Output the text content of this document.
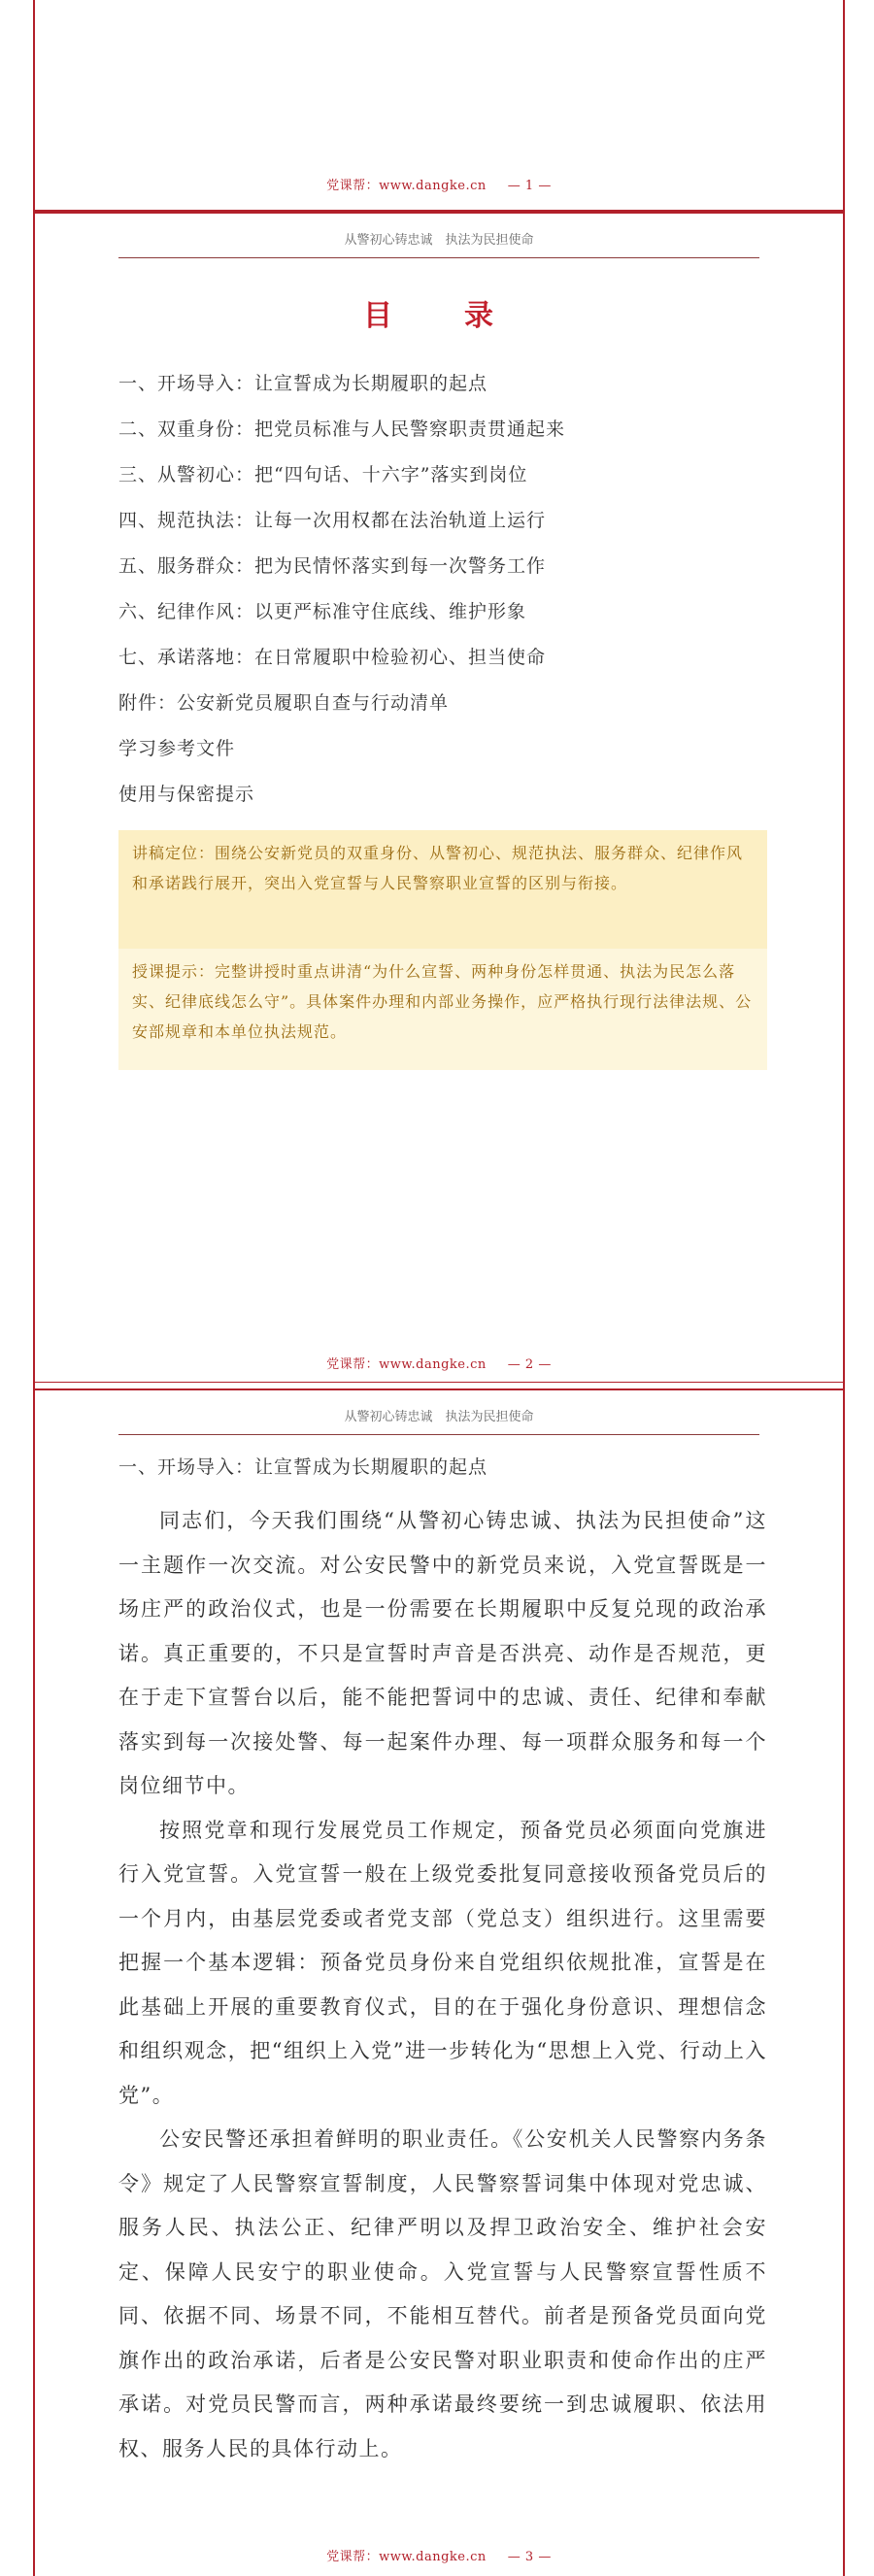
党课帮：www.dangke.cn — 1 —
从警初心铸忠诚　执法为民担使命
目　录
一、开场导入：让宣誓成为长期履职的起点
二、双重身份：把党员标准与人民警察职责贯通起来
三、从警初心：把“四句话、十六字”落实到岗位
四、规范执法：让每一次用权都在法治轨道上运行
五、服务群众：把为民情怀落实到每一次警务工作
六、纪律作风：以更严标准守住底线、维护形象
七、承诺落地：在日常履职中检验初心、担当使命
附件：公安新党员履职自查与行动清单
学习参考文件
使用与保密提示
讲稿定位：围绕公安新党员的双重身份、从警初心、规范执法、服务群众、纪律作风和承诺践行展开，突出入党宣誓与人民警察职业宣誓的区别与衔接。
授课提示：完整讲授时重点讲清“为什么宣誓、两种身份怎样贯通、执法为民怎么落实、纪律底线怎么守”。具体案件办理和内部业务操作，应严格执行现行法律法规、公安部规章和本单位执法规范。
党课帮：www.dangke.cn — 2 —
从警初心铸忠诚　执法为民担使命
一、开场导入：让宣誓成为长期履职的起点

同志们，今天我们围绕“从警初心铸忠诚、执法为民担使命”这一主题作一次交流。对公安民警中的新党员来说，入党宣誓既是一场庄严的政治仪式，也是一份需要在长期履职中反复兑现的政治承诺。真正重要的，不只是宣誓时声音是否洪亮、动作是否规范，更在于走下宣誓台以后，能不能把誓词中的忠诚、责任、纪律和奉献落实到每一次接处警、每一起案件办理、每一项群众服务和每一个岗位细节中。

按照党章和现行发展党员工作规定，预备党员必须面向党旗进行入党宣誓。入党宣誓一般在上级党委批复同意接收预备党员后的一个月内，由基层党委或者党支部（党总支）组织进行。这里需要把握一个基本逻辑：预备党员身份来自党组织依规批准，宣誓是在此基础上开展的重要教育仪式，目的在于强化身份意识、理想信念和组织观念，把“组织上入党”进一步转化为“思想上入党、行动上入党”。

公安民警还承担着鲜明的职业责任。《公安机关人民警察内务条令》规定了人民警察宣誓制度，人民警察誓词集中体现对党忠诚、服务人民、执法公正、纪律严明以及捍卫政治安全、维护社会安定、保障人民安宁的职业使命。入党宣誓与人民警察宣誓性质不同、依据不同、场景不同，不能相互替代。前者是预备党员面向党旗作出的政治承诺，后者是公安民警对职业职责和使命作出的庄严承诺。对党员民警而言，两种承诺最终要统一到忠诚履职、依法用权、服务人民的具体行动上。

党课帮：www.dangke.cn — 3 —
